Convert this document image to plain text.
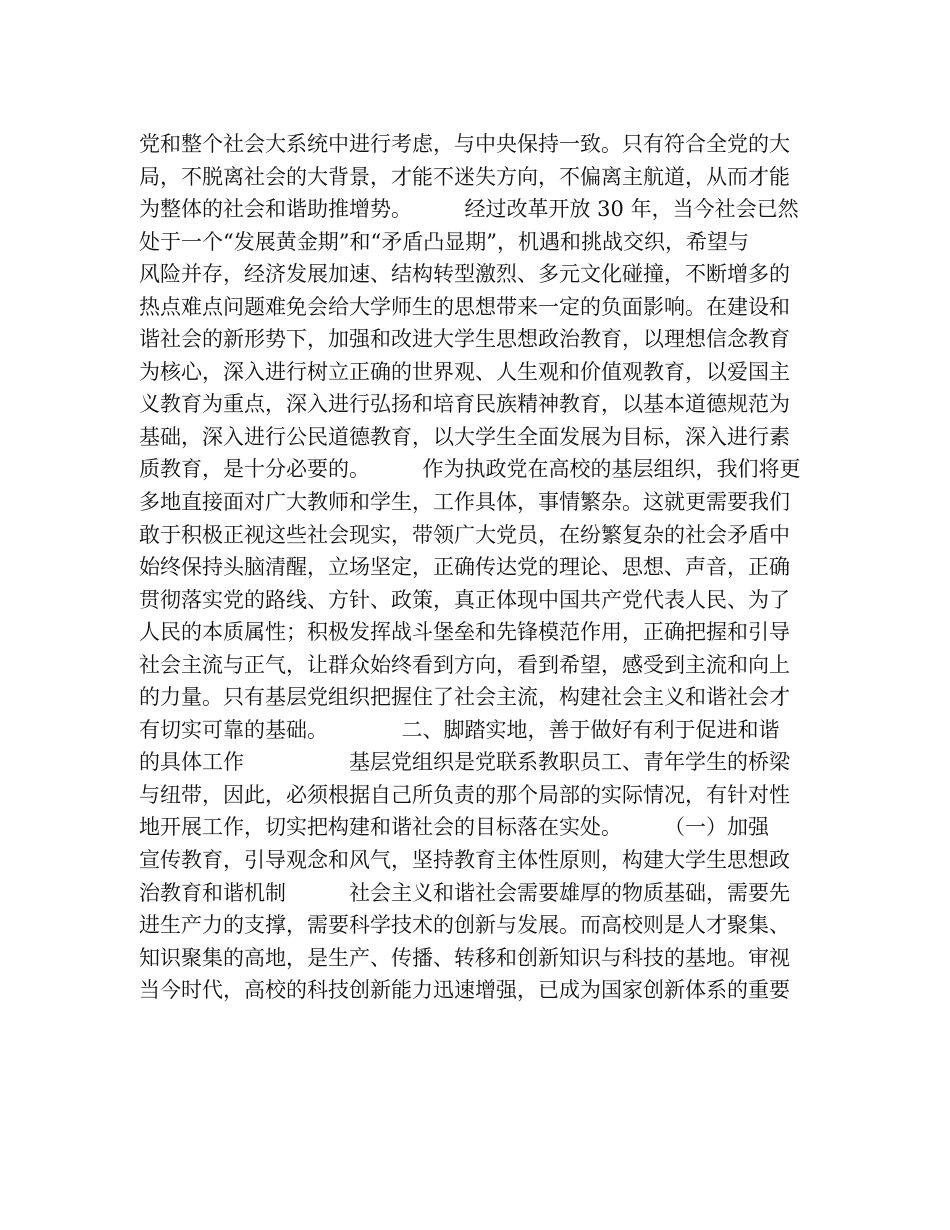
党和整个社会大系统中进行考虑，与中央保持一致。只有符合全党的大
局，不脱离社会的大背景，才能不迷失方向，不偏离主航道，从而才能
为整体的社会和谐助推增势。　　　经过改革开放 30 年，当今社会已然
处于一个“发展黄金期”和“矛盾凸显期”，机遇和挑战交织，希望与
风险并存，经济发展加速、结构转型激烈、多元文化碰撞，不断增多的
热点难点问题难免会给大学师生的思想带来一定的负面影响。在建设和
谐社会的新形势下，加强和改进大学生思想政治教育，以理想信念教育
为核心，深入进行树立正确的世界观、人生观和价值观教育，以爱国主
义教育为重点，深入进行弘扬和培育民族精神教育，以基本道德规范为
基础，深入进行公民道德教育，以大学生全面发展为目标，深入进行素
质教育，是十分必要的。　　　作为执政党在高校的基层组织，我们将更
多地直接面对广大教师和学生，工作具体，事情繁杂。这就更需要我们
敢于积极正视这些社会现实，带领广大党员，在纷繁复杂的社会矛盾中
始终保持头脑清醒，立场坚定，正确传达党的理论、思想、声音，正确
贯彻落实党的路线、方针、政策，真正体现中国共产党代表人民、为了
人民的本质属性；积极发挥战斗堡垒和先锋模范作用，正确把握和引导
社会主流与正气，让群众始终看到方向，看到希望，感受到主流和向上
的力量。只有基层党组织把握住了社会主流，构建社会主义和谐社会才
有切实可靠的基础。　　　　二、脚踏实地，善于做好有利于促进和谐
的具体工作　　　　　基层党组织是党联系教职员工、青年学生的桥梁
与纽带，因此，必须根据自己所负责的那个局部的实际情况，有针对性
地开展工作，切实把构建和谐社会的目标落在实处。　　　（一）加强
宣传教育，引导观念和风气，坚持教育主体性原则，构建大学生思想政
治教育和谐机制　　　社会主义和谐社会需要雄厚的物质基础，需要先
进生产力的支撑，需要科学技术的创新与发展。而高校则是人才聚集、
知识聚集的高地，是生产、传播、转移和创新知识与科技的基地。审视
当今时代，高校的科技创新能力迅速增强，已成为国家创新体系的重要
